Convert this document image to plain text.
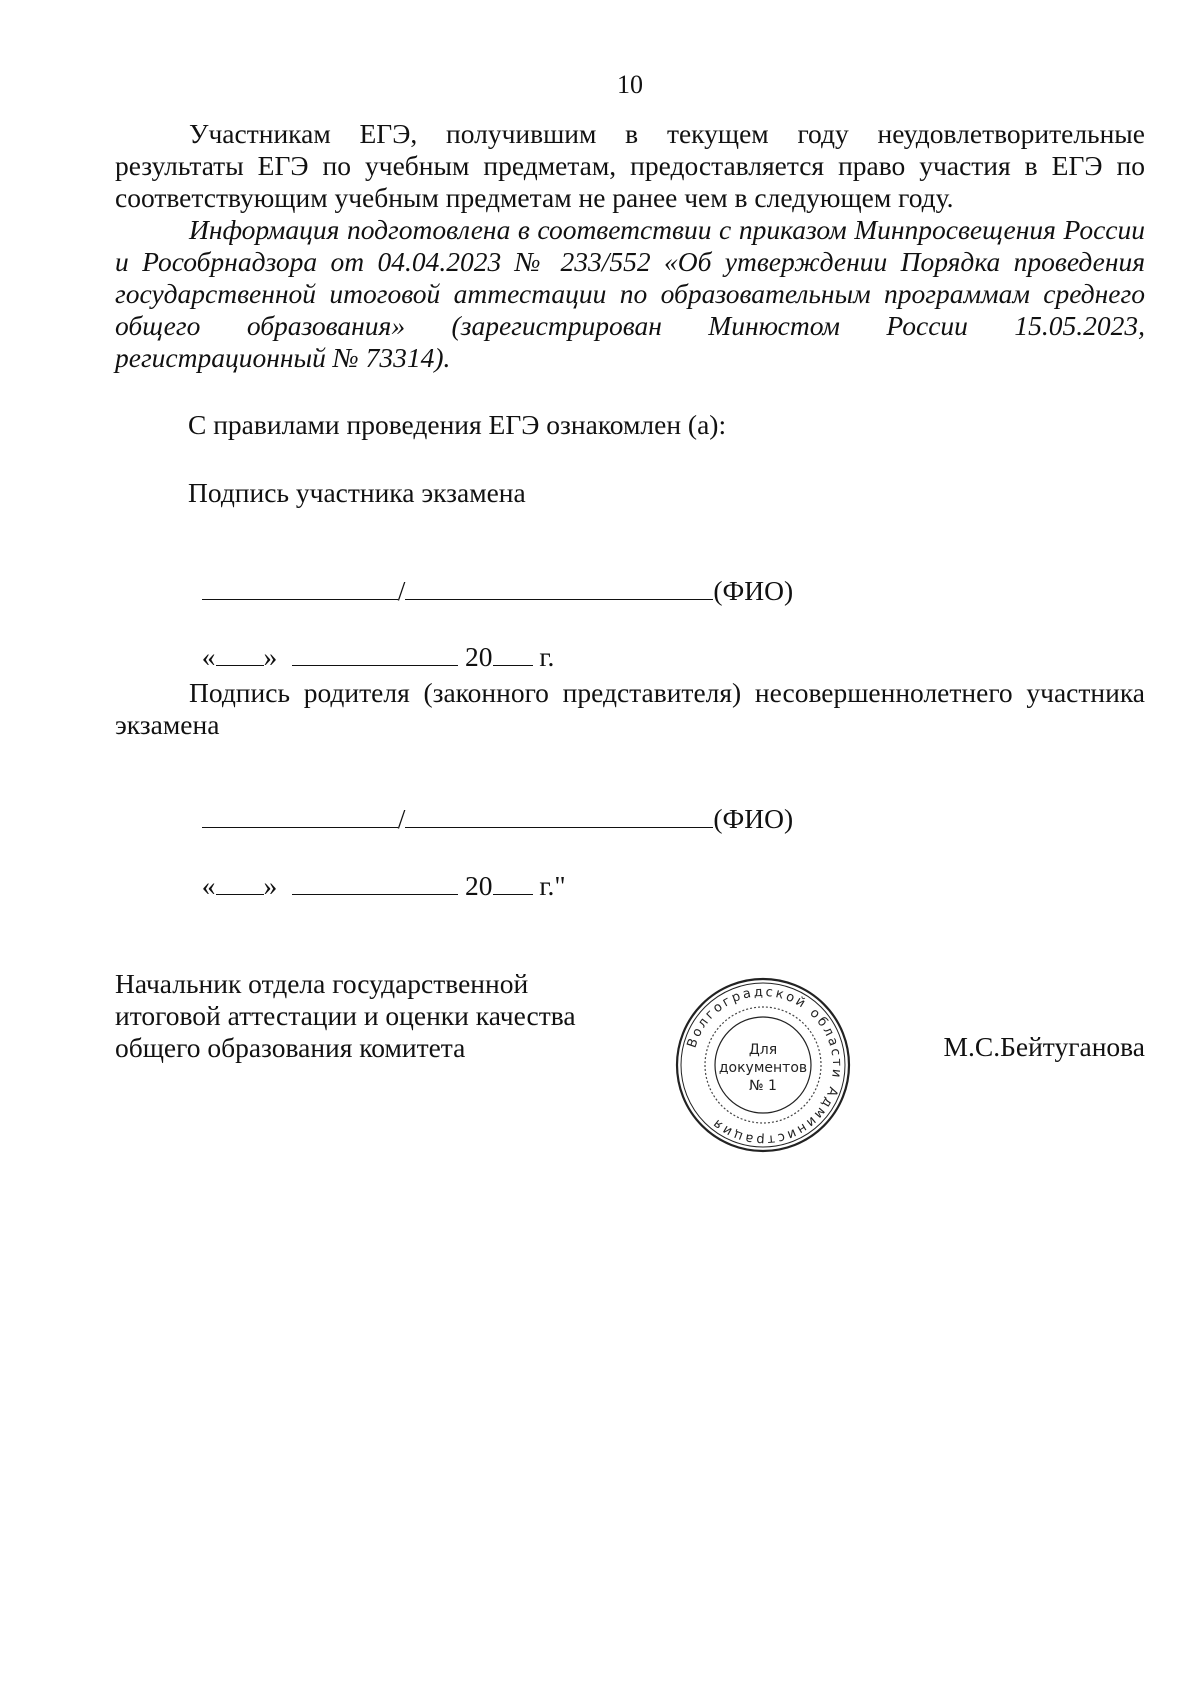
10

Участникам ЕГЭ, получившим в текущем году неудовлетворительные результаты ЕГЭ по учебным предметам, предоставляется право участия в ЕГЭ по соответствующим учебным предметам не ранее чем в следующем году.

Информация подготовлена в соответствии с приказом Минпросвещения России и Рособрнадзора от 04.04.2023 № 233/552 «Об утверждении Порядка проведения государственной итоговой аттестации по образовательным программам среднего общего образования» (зарегистрирован Минюстом России 15.05.2023, регистрационный № 73314).

С правилами проведения ЕГЭ ознакомлен (а):

Подпись участника экзамена

/	(ФИО)

« »	20 г.

Подпись родителя (законного представителя) несовершеннолетнего участника экзамена

/	(ФИО)

« »	20 г."

Начальник отдела государственной
итоговой аттестации и оценки качества
общего образования комитета	М.С.Бейтуганова
Волгоградской области Администрация
Для
документов
№ 1
